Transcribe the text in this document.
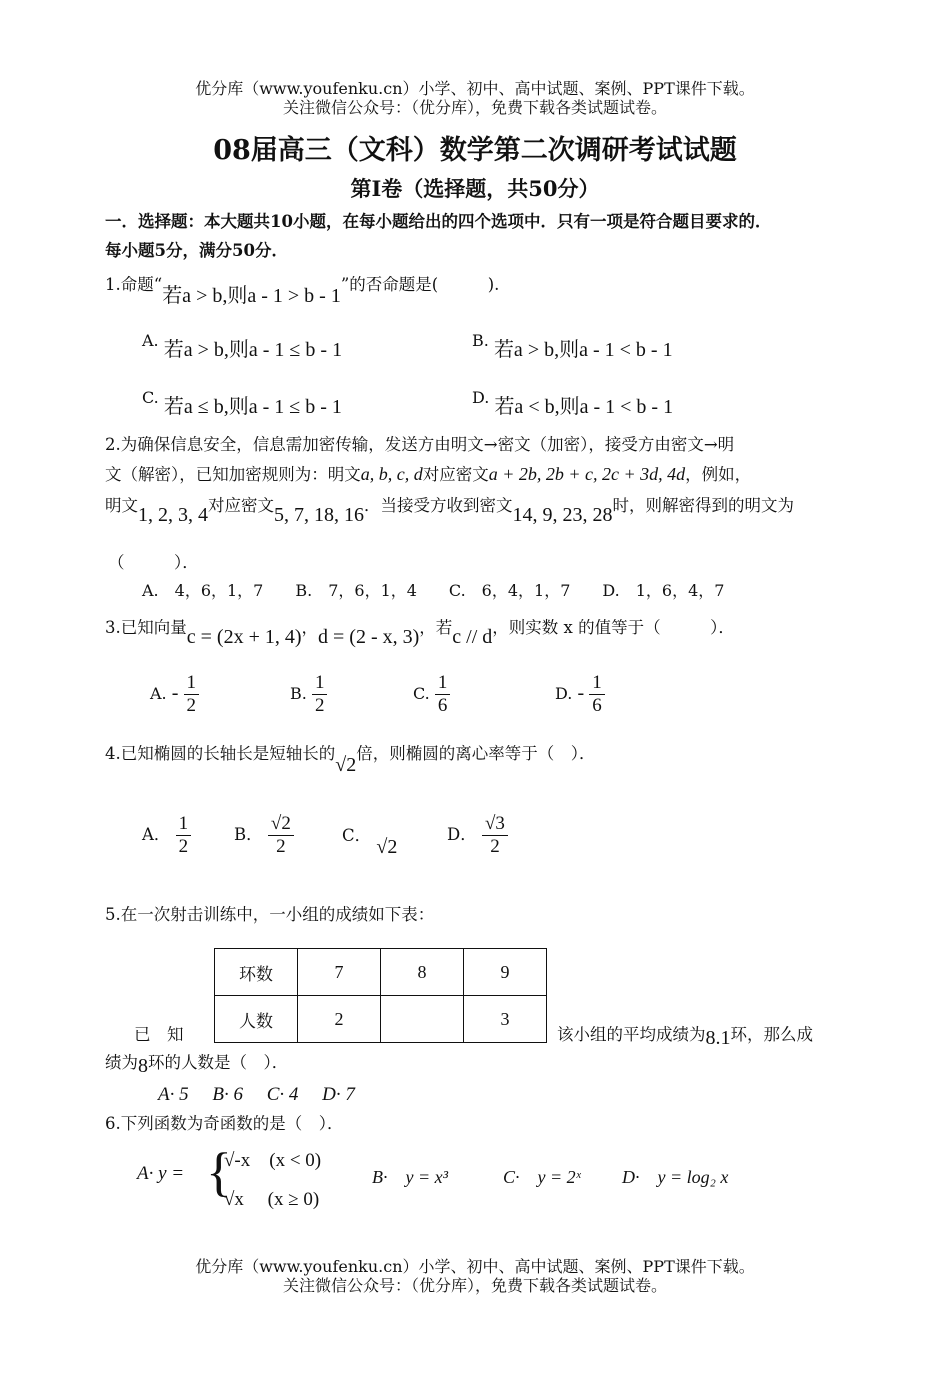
优分库（www.youfenku.cn）小学、初中、高中试题、案例、PPT课件下载。
关注微信公众号：（优分库），免费下载各类试题试卷。
08届高三（文科）数学第二次调研考试试题
第Ⅰ卷（选择题，共50分）
一．选择题：本大题共10小题，在每小题给出的四个选项中．只有一项是符合题目要求的．
每小题5分，满分50分．
1.命题“若a > b,则a - 1 > b - 1”的否命题是(　　　).
A. 若a > b,则a - 1 ≤ b - 1	B. 若a > b,则a - 1 < b - 1
C. 若a ≤ b,则a - 1 ≤ b - 1	D. 若a < b,则a - 1 < b - 1
2.为确保信息安全，信息需加密传输，发送方由明文→密文（加密），接受方由密文→明
文（解密），已知加密规则为：明文a, b, c, d对应密文a + 2b, 2b + c, 2c + 3d, 4d，例如，
明文1, 2, 3, 4对应密文5, 7, 18, 16．当接受方收到密文14, 9, 23, 28时，则解密得到的明文为
（　　　）．
A.　4，6，1，7　　B.　7，6，1，4　　C.　6，4，1，7　　D.　1，6，4，7
3.已知向量c = (2x + 1, 4)，d = (2 - x, 3)，若c // d，则实数 x 的值等于（　　　）．
A. - $\frac{1}{2}$	B. $\frac{1}{2}$	C. $\frac{1}{6}$	D. - $\frac{1}{6}$
4.已知椭圆的长轴长是短轴长的√2倍，则椭圆的离心率等于（　）．
A． $\frac{1}{2}$	B． $\frac{√2}{2}$	C． √2
D． $\frac{√3}{2}$
5.在一次射击训练中，一小组的成绩如下表：
环数	7	8	9
人数	2		3
已　知	该小组的平均成绩为8.1环，那么成
绩为8环的人数是（　）．
A· 5　 B· 6　 C· 4　 D· 7
6.下列函数为奇函数的是（　）．
A· y = {
√-x　(x < 0)
√x　 (x ≥ 0)
B·　y = x³	C·　y = 2ˣ D·　y = log₂ x
优分库（www.youfenku.cn）小学、初中、高中试题、案例、PPT课件下载。
关注微信公众号：（优分库），免费下载各类试题试卷。
